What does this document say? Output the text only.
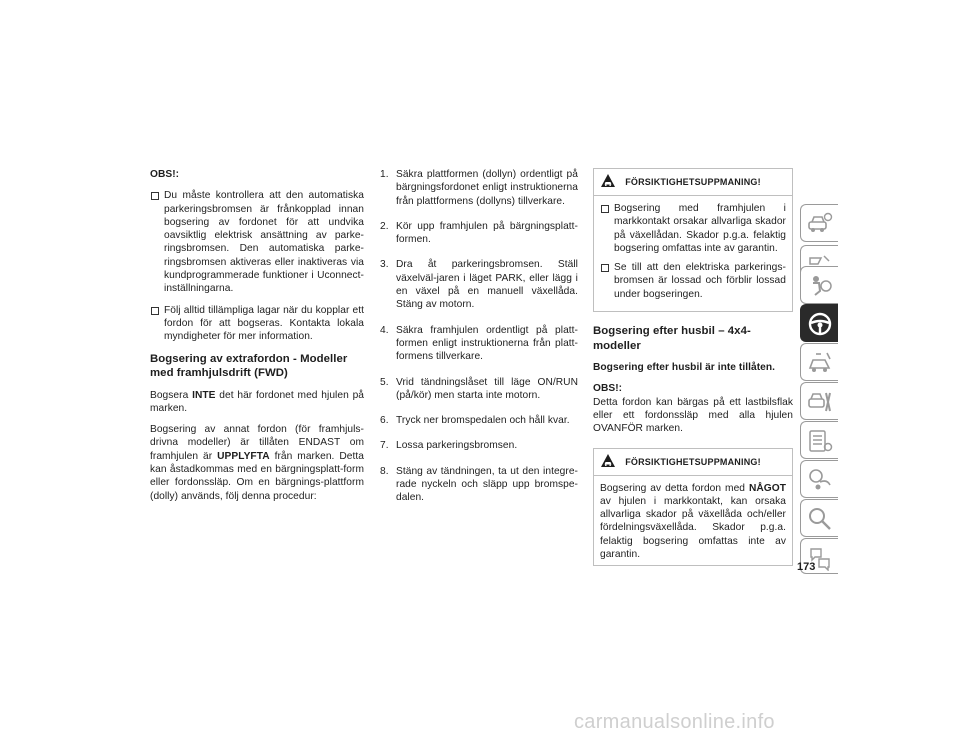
OBS!:
Du måste kontrollera att den automatiska parkeringsbromsen är frånkopplad innan bogsering av fordonet för att undvika oavsiktlig elektrisk ansättning av parke-ringsbromsen. Den automatiska parke-ringsbromsen aktiveras eller inaktiveras via kundprogrammerade funktioner i Uconnect-inställningarna.
Följ alltid tillämpliga lagar när du kopplar ett fordon för att bogseras. Kontakta lokala myndigheter för mer information.
Bogsering av extrafordon - Modeller med framhjulsdrift (FWD)

Bogsera INTE det här fordonet med hjulen på marken.

Bogsering av annat fordon (för framhjuls-drivna modeller) är tillåten ENDAST om framhjulen är UPPLYFTA från marken. Detta kan åstadkommas med en bärgningsplatt-form eller fordonssläp. Om en bärgnings-plattform (dolly) används, följ denna procedur:

1. Säkra plattformen (dollyn) ordentligt på bärgningsfordonet enligt instruktionerna från plattformens (dollyns) tillverkare.
2. Kör upp framhjulen på bärgningsplatt-formen.
3. Dra åt parkeringsbromsen. Ställ växelväl-jaren i läget PARK, eller lägg i en växel på en manuell växellåda. Stäng av motorn.
4. Säkra framhjulen ordentligt på platt-formen enligt instruktionerna från platt-formens tillverkare.
5. Vrid tändningslåset till läge ON/RUN (på/kör) men starta inte motorn.
6. Tryck ner bromspedalen och håll kvar.
7. Lossa parkeringsbromsen.
8. Stäng av tändningen, ta ut den integre-rade nyckeln och släpp upp bromspe-dalen.
FÖRSIKTIGHETSUPPMANING!
Bogsering med framhjulen i markkontakt orsakar allvarliga skador på växellådan. Skador p.g.a. felaktig bogsering omfattas inte av garantin.
Se till att den elektriska parkerings-bromsen är lossad och förblir lossad under bogseringen.
Bogsering efter husbil – 4x4-modeller
Bogsering efter husbil är inte tillåten.
OBS!:

Detta fordon kan bärgas på ett lastbilsflak eller ett fordonssläp med alla hjulen OVANFÖR marken.

FÖRSIKTIGHETSUPPMANING!

Bogsering av detta fordon med NÅGOT av hjulen i markkontakt, kan orsaka allvarliga skador på växellåda och/eller fördelningsväxellåda. Skador p.g.a. felaktig bogsering omfattas inte av garantin.

173
carmanualsonline.info
